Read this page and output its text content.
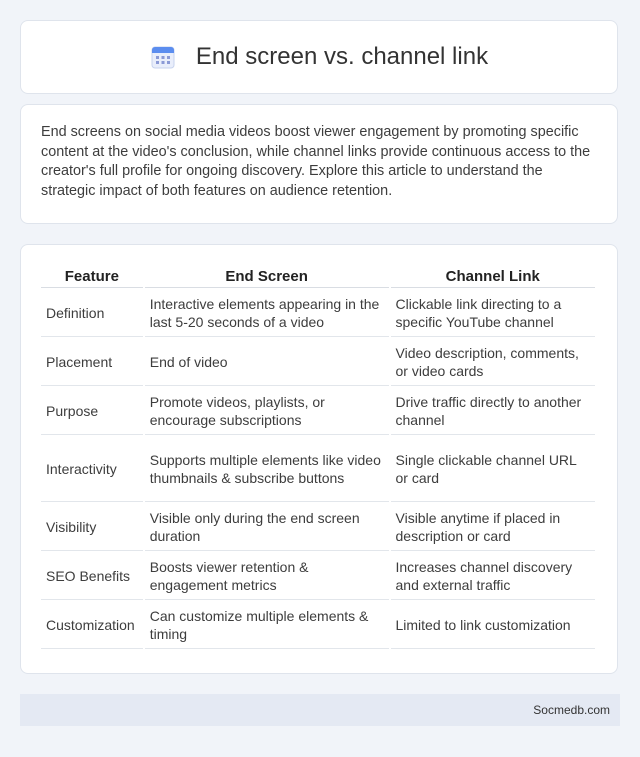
End screen vs. channel link

End screens on social media videos boost viewer engagement by promoting specific content at the video's conclusion, while channel links provide continuous access to the creator's full profile for ongoing discovery. Explore this article to understand the strategic impact of both features on audience retention.

Feature	End Screen	Channel Link
Definition	Interactive elements appearing in the last 5-20 seconds of a video	Clickable link directing to a specific YouTube channel
Placement	End of video	Video description, comments, or video cards
Purpose	Promote videos, playlists, or encourage subscriptions	Drive traffic directly to another channel
Interactivity	Supports multiple elements like video thumbnails & subscribe buttons	Single clickable channel URL or card
Visibility	Visible only during the end screen duration	Visible anytime if placed in description or card
SEO Benefits	Boosts viewer retention & engagement metrics	Increases channel discovery and external traffic
Customization	Can customize multiple elements & timing	Limited to link customization
Socmedb.com
